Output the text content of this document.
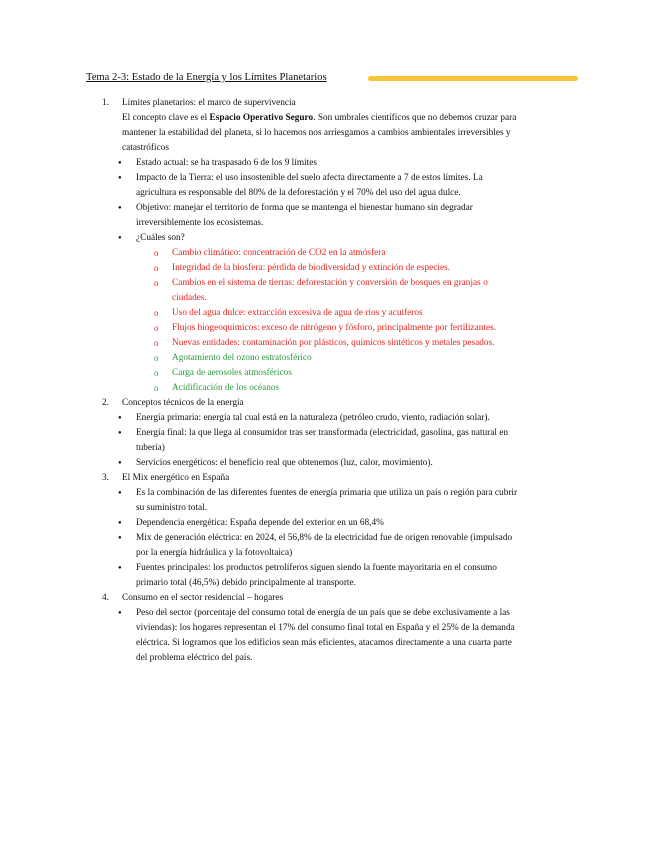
Tema 2-3: Estado de la Energía y los Límites Planetarios
1. Límites planetarios: el marco de supervivencia

El concepto clave es el Espacio Operativo Seguro. Son umbrales científicos que no debemos cruzar para mantener la estabilidad del planeta, si lo hacemos nos arriesgamos a cambios ambientales irreversibles y catastróficos

● Estado actual: se ha traspasado 6 de los 9 límites
● Impacto de la Tierra: el uso insostenible del suelo afecta directamente a 7 de estos límites. La agricultura es responsable del 80% de la deforestación y el 70% del uso del agua dulce.
● Objetivo: manejar el territorio de forma que se mantenga el bienestar humano sin degradar irreversiblemente los ecosistemas.
● ¿Cuáles son?
o Cambio climático: concentración de CO2 en la atmósfera
o Integridad de la biosfera: pérdida de biodiversidad y extinción de especies.
o Cambios en el sistema de tierras: deforestación y conversión de bosques en granjas o ciudades.
o Uso del agua dulce: extracción excesiva de agua de ríos y acuíferos
o Flujos biogeoquímicos: exceso de nitrógeno y fósforo, principalmente por fertilizantes.
o Nuevas entidades: contaminación por plásticos, químicos sintéticos y metales pesados.
o Agotamiento del ozono estratosférico
o Carga de aerosoles atmosféricos
o Acidificación de los océanos
2. Conceptos técnicos de la energía
● Energía primaria: energía tal cual está en la naturaleza (petróleo crudo, viento, radiación solar).
● Energía final: la que llega al consumidor tras ser transformada (electricidad, gasolina, gas natural en tubería)
● Servicios energéticos: el beneficio real que obtenemos (luz, calor, movimiento).
3. El Mix energético en España
● Es la combinación de las diferentes fuentes de energía primaria que utiliza un país o región para cubrir su suministro total.
● Dependencia energética: España depende del exterior en un 68,4%
● Mix de generación eléctrica: en 2024, el 56,8% de la electricidad fue de origen renovable (impulsado por la energía hidráulica y la fotovoltaica)
● Fuentes principales: los productos petrolíferos siguen siendo la fuente mayoritaria en el consumo primario total (46,5%) debido principalmente al transporte.
4. Consumo en el sector residencial – hogares
● Peso del sector (porcentaje del consumo total de energía de un país que se debe exclusivamente a las viviendas): los hogares representan el 17% del consumo final total en España y el 25% de la demanda eléctrica. Si logramos que los edificios sean más eficientes, atacamos directamente a una cuarta parte del problema eléctrico del país.
